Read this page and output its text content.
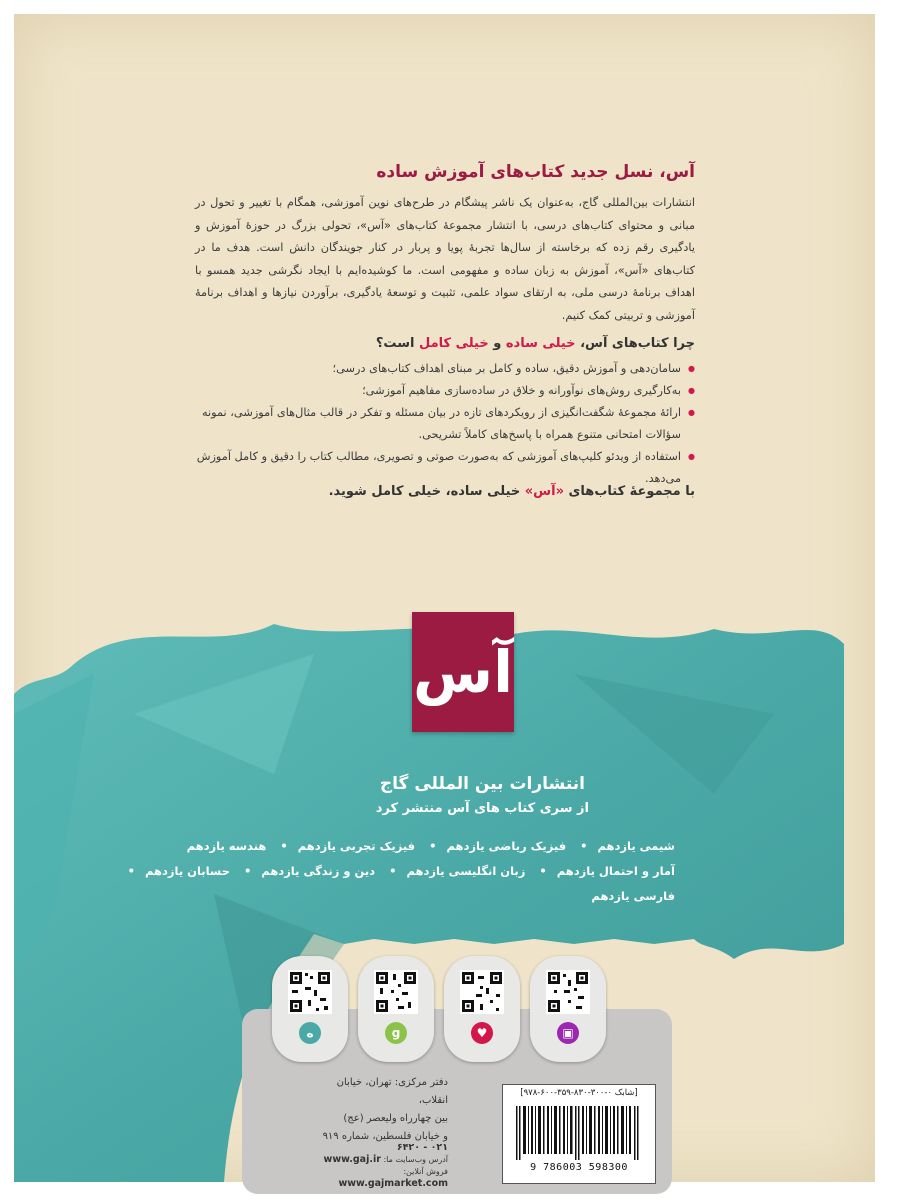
آس، نسل جدید کتاب‌های آموزش ساده
انتشارات بین‌المللی گاج، به‌عنوان یک ناشر پیشگام در طرح‌های نوین آموزشی، همگام با تغییر و تحول در مبانی و محتوای کتاب‌های درسی، با انتشار مجموعهٔ کتاب‌های «آس»، تحولی بزرگ در حوزهٔ آموزش و یادگیری رقم زده که برخاسته از سال‌ها تجربهٔ پویا و پربار در کنار جویندگان دانش است. هدف ما در کتاب‌های «آس»، آموزش به زبان ساده و مفهومی است. ما کوشیده‌ایم با ایجاد نگرشی جدید همسو با اهداف برنامهٔ درسی ملی، به ارتقای سواد علمی، تثبیت و توسعهٔ یادگیری، برآوردن نیازها و اهداف برنامهٔ آموزشی و تربیتی کمک کنیم.
چرا کتاب‌های آس، خیلی ساده و خیلی کامل است؟
● سامان‌دهی و آموزش دقیق، ساده و کامل بر مبنای اهداف کتاب‌های درسی؛
● به‌کارگیری روش‌های نوآورانه و خلاق در ساده‌سازی مفاهیم آموزشی؛
● ارائهٔ مجموعهٔ شگفت‌انگیزی از رویکردهای تازه در بیان مسئله و تفکر در قالب مثال‌های آموزشی، نمونه سؤالات امتحانی متنوع همراه با پاسخ‌های کاملاً تشریحی.
● استفاده از ویدئو کلیپ‌های آموزشی که به‌صورت صوتی و تصویری، مطالب کتاب را دقیق و کامل آموزش می‌دهد.
با مجموعهٔ کتاب‌های «آس» خیلی ساده، خیلی کامل شوید.
آس
انتشارات بین المللی گاج
از سری کتاب های آس منتشر کرد
شیمی یازدهم• فیزیک ریاضی یازدهم• فیزیک تجربی یازدهم• هندسه یازدهم
آمار و احتمال یازدهم• زبان انگلیسی یازدهم• دین و زندگی یازدهم• حسابان یازدهم• فارسی یازدهم
ه	g	♥	▣
دفتر مرکزی: تهران، خیابان انقلاب،
بین چهارراه ولیعصر (عج)
و خیابان فلسطین، شماره ۹۱۹
۰۲۱ - ۶۴۲۰
آدرس وب‌سایت ما: www.gaj.ir
فروش آنلاین: www.gajmarket.com
[شابک ۰-۳۰۰-۸۳۰-۳۵۹-۶۰۰-۹۷۸]
9 786003 598300
